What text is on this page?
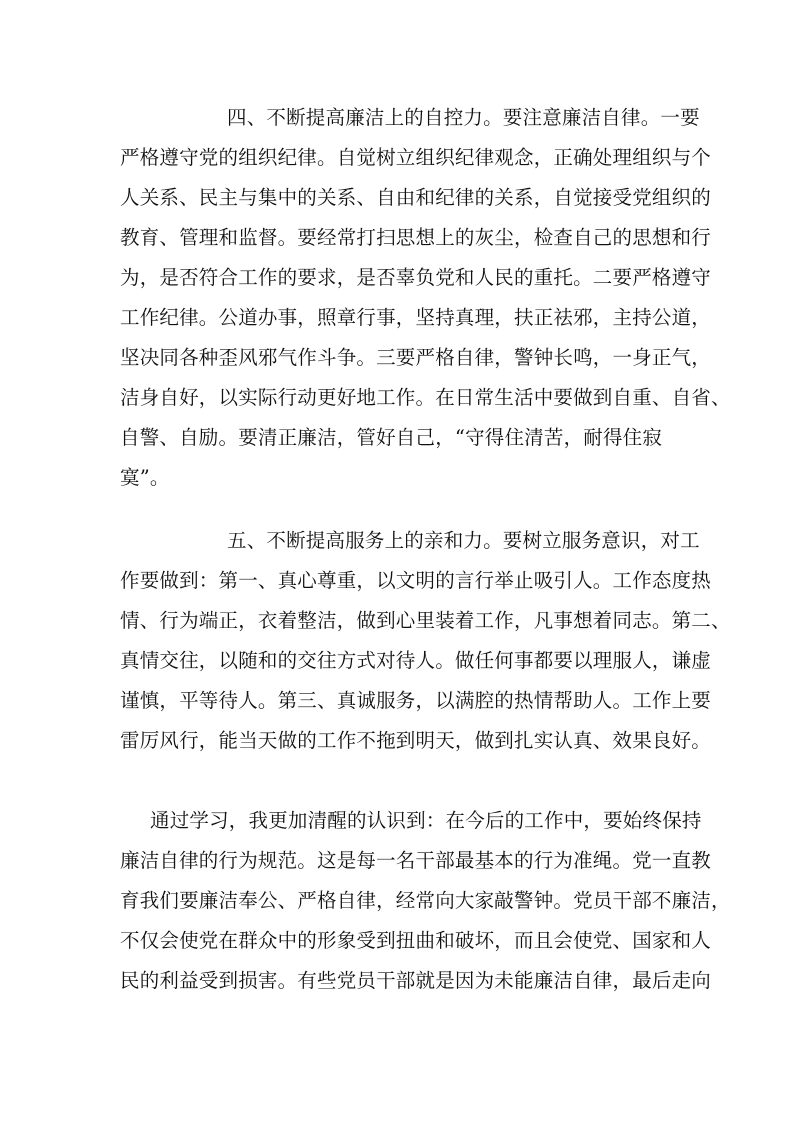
四、不断提高廉洁上的自控力。要注意廉洁自律。一要
严格遵守党的组织纪律。自觉树立组织纪律观念，正确处理组织与个
人关系、民主与集中的关系、自由和纪律的关系，自觉接受党组织的
教育、管理和监督。要经常打扫思想上的灰尘，检查自己的思想和行
为，是否符合工作的要求，是否辜负党和人民的重托。二要严格遵守
工作纪律。公道办事，照章行事，坚持真理，扶正祛邪，主持公道，
坚决同各种歪风邪气作斗争。三要严格自律，警钟长鸣，一身正气，
洁身自好，以实际行动更好地工作。在日常生活中要做到自重、自省、
自警、自励。要清正廉洁，管好自己，“守得住清苦，耐得住寂
寞”。
五、不断提高服务上的亲和力。要树立服务意识，对工
作要做到：第一、真心尊重，以文明的言行举止吸引人。工作态度热
情、行为端正，衣着整洁，做到心里装着工作，凡事想着同志。第二、
真情交往，以随和的交往方式对待人。做任何事都要以理服人，谦虚
谨慎，平等待人。第三、真诚服务，以满腔的热情帮助人。工作上要
雷厉风行，能当天做的工作不拖到明天，做到扎实认真、效果良好。
通过学习，我更加清醒的认识到：在今后的工作中，要始终保持
廉洁自律的行为规范。这是每一名干部最基本的行为准绳。党一直教
育我们要廉洁奉公、严格自律，经常向大家敲警钟。党员干部不廉洁，
不仅会使党在群众中的形象受到扭曲和破坏，而且会使党、国家和人
民的利益受到损害。有些党员干部就是因为未能廉洁自律，最后走向
